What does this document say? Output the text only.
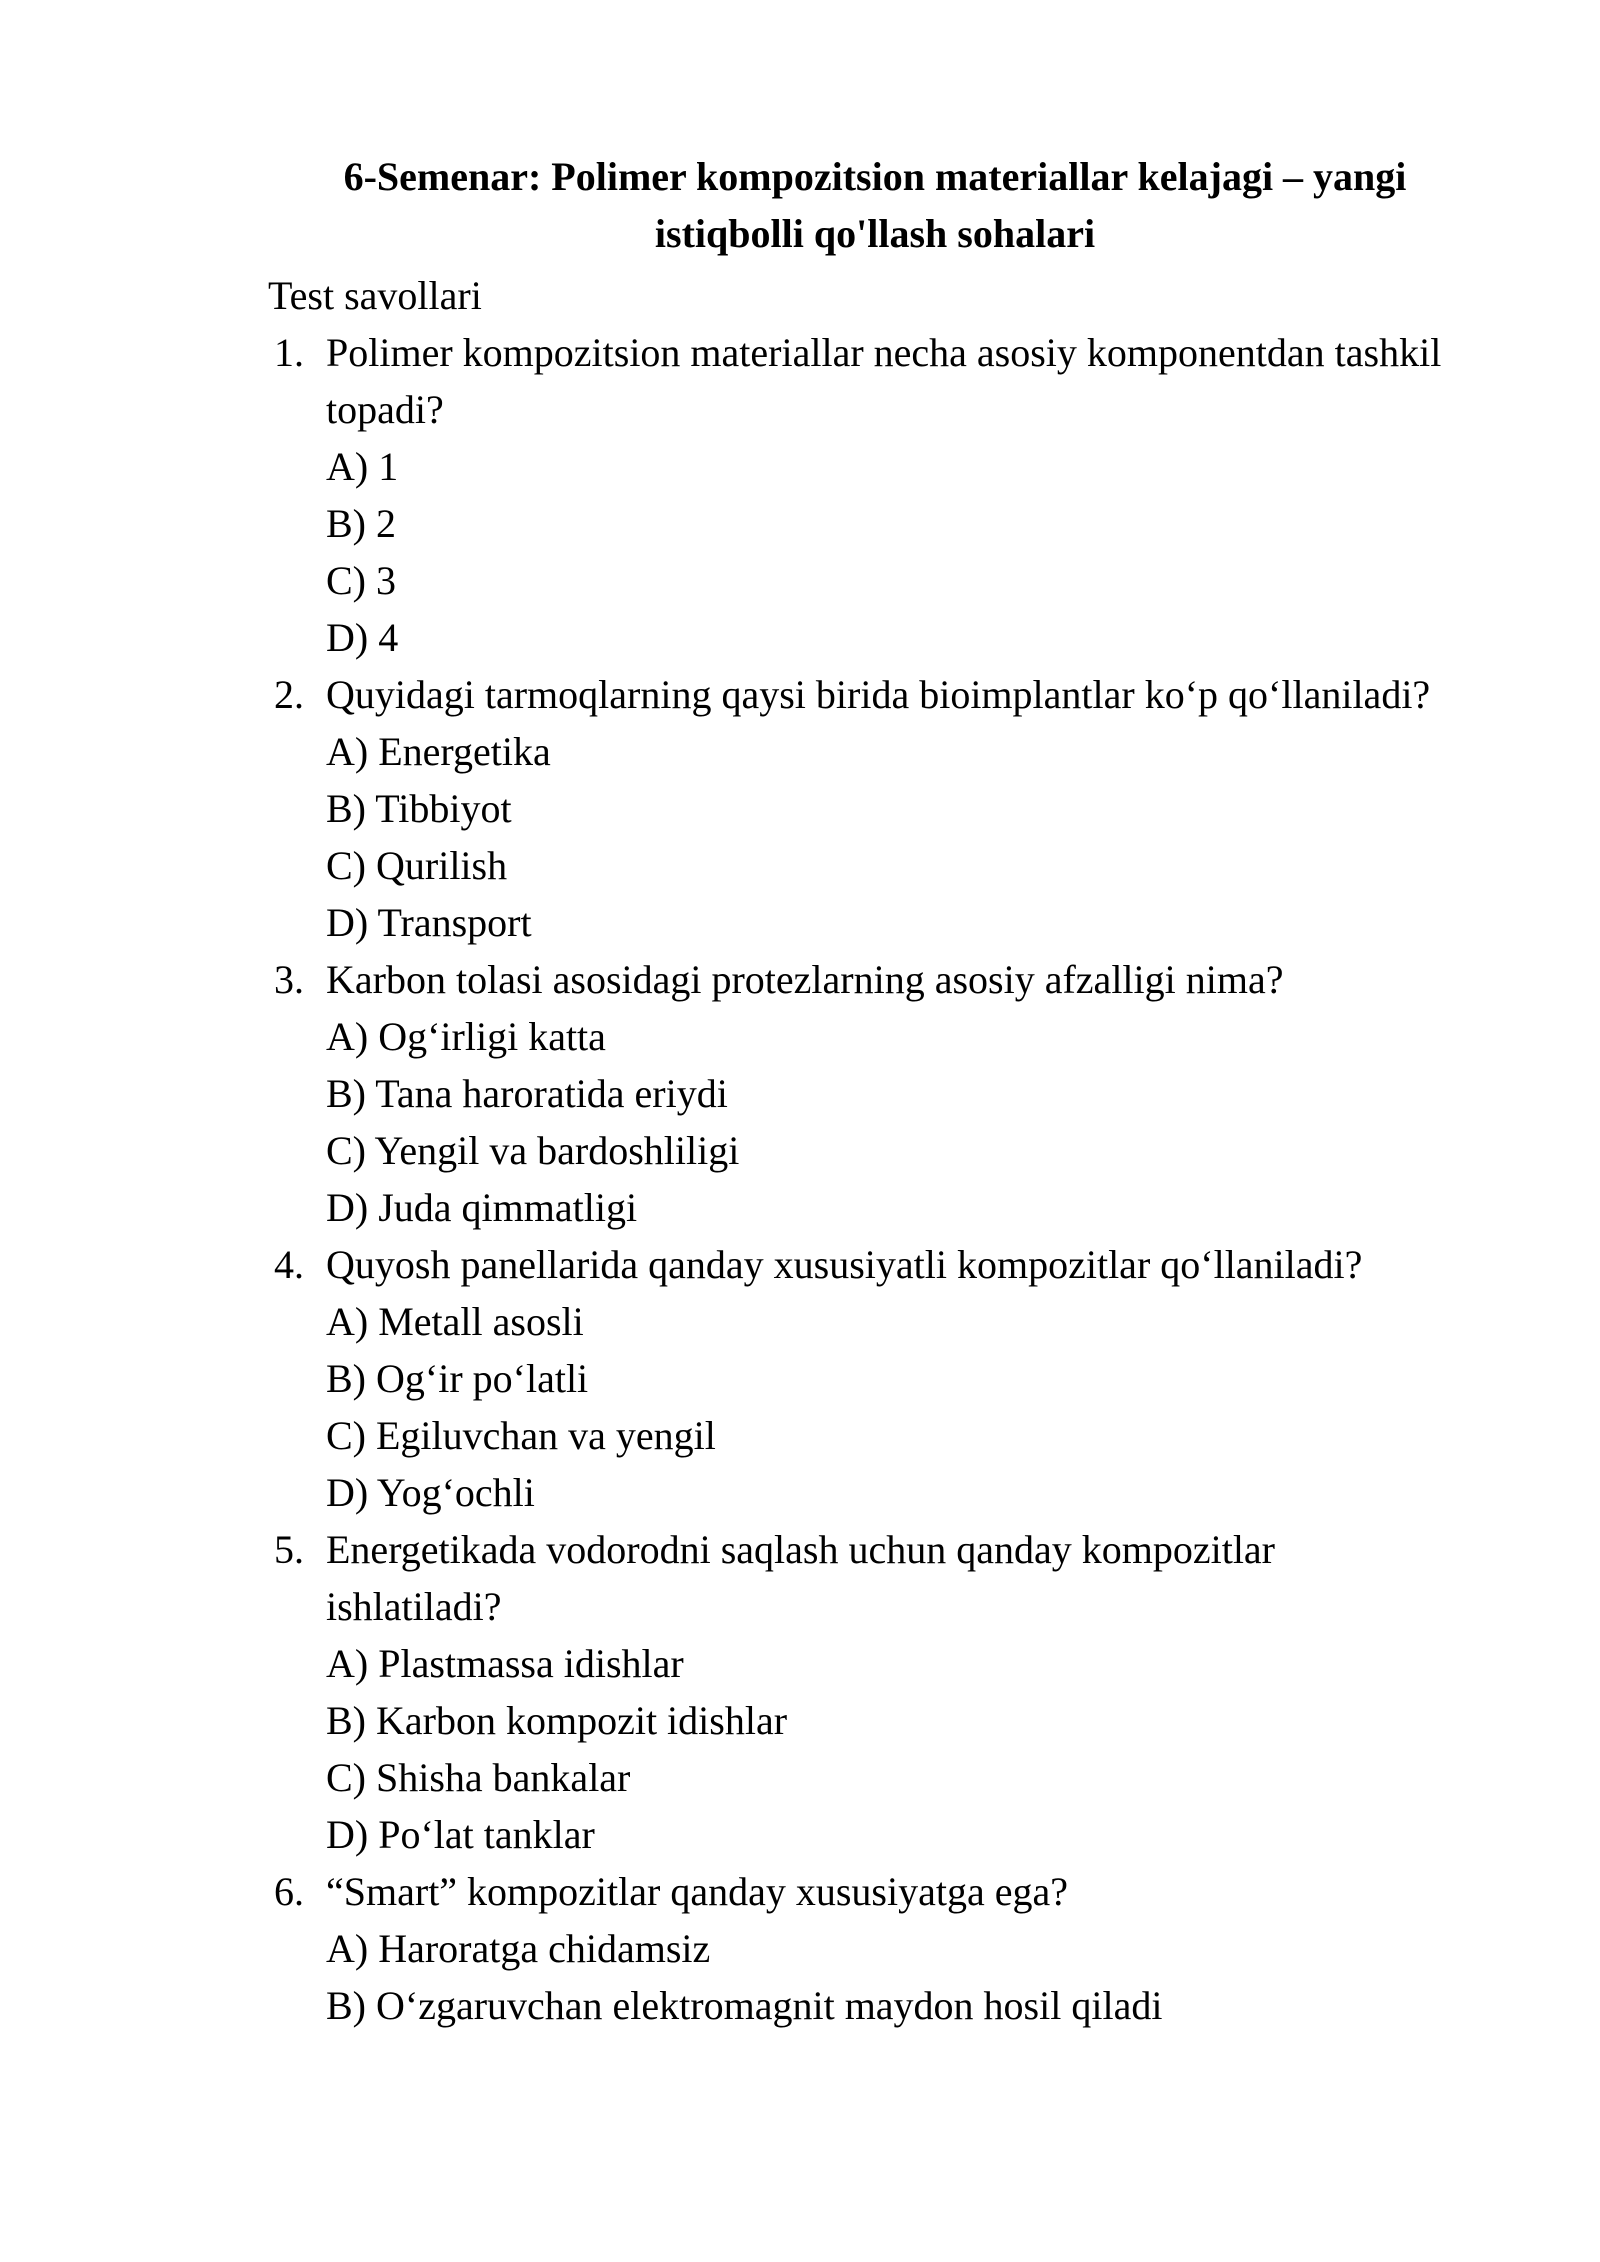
6-Semenar: Polimer kompozitsion materiallar kelajagi – yangi istiqbolli qo'llash sohalari

Test savollari

1. Polimer kompozitsion materiallar necha asosiy komponentdan tashkil topadi?
A) 1
B) 2
C) 3
D) 4
2. Quyidagi tarmoqlarning qaysi birida bioimplantlar ko‘p qo‘llaniladi?
A) Energetika
B) Tibbiyot
C) Qurilish
D) Transport
3. Karbon tolasi asosidagi protezlarning asosiy afzalligi nima?
A) Og‘irligi katta
B) Tana haroratida eriydi
C) Yengil va bardoshliligi
D) Juda qimmatligi
4. Quyosh panellarida qanday xususiyatli kompozitlar qo‘llaniladi?
A) Metall asosli
B) Og‘ir po‘latli
C) Egiluvchan va yengil
D) Yog‘ochli
5. Energetikada vodorodni saqlash uchun qanday kompozitlar ishlatiladi?
A) Plastmassa idishlar
B) Karbon kompozit idishlar
C) Shisha bankalar
D) Po‘lat tanklar
6. “Smart” kompozitlar qanday xususiyatga ega?
A) Haroratga chidamsiz
B) O‘zgaruvchan elektromagnit maydon hosil qiladi
